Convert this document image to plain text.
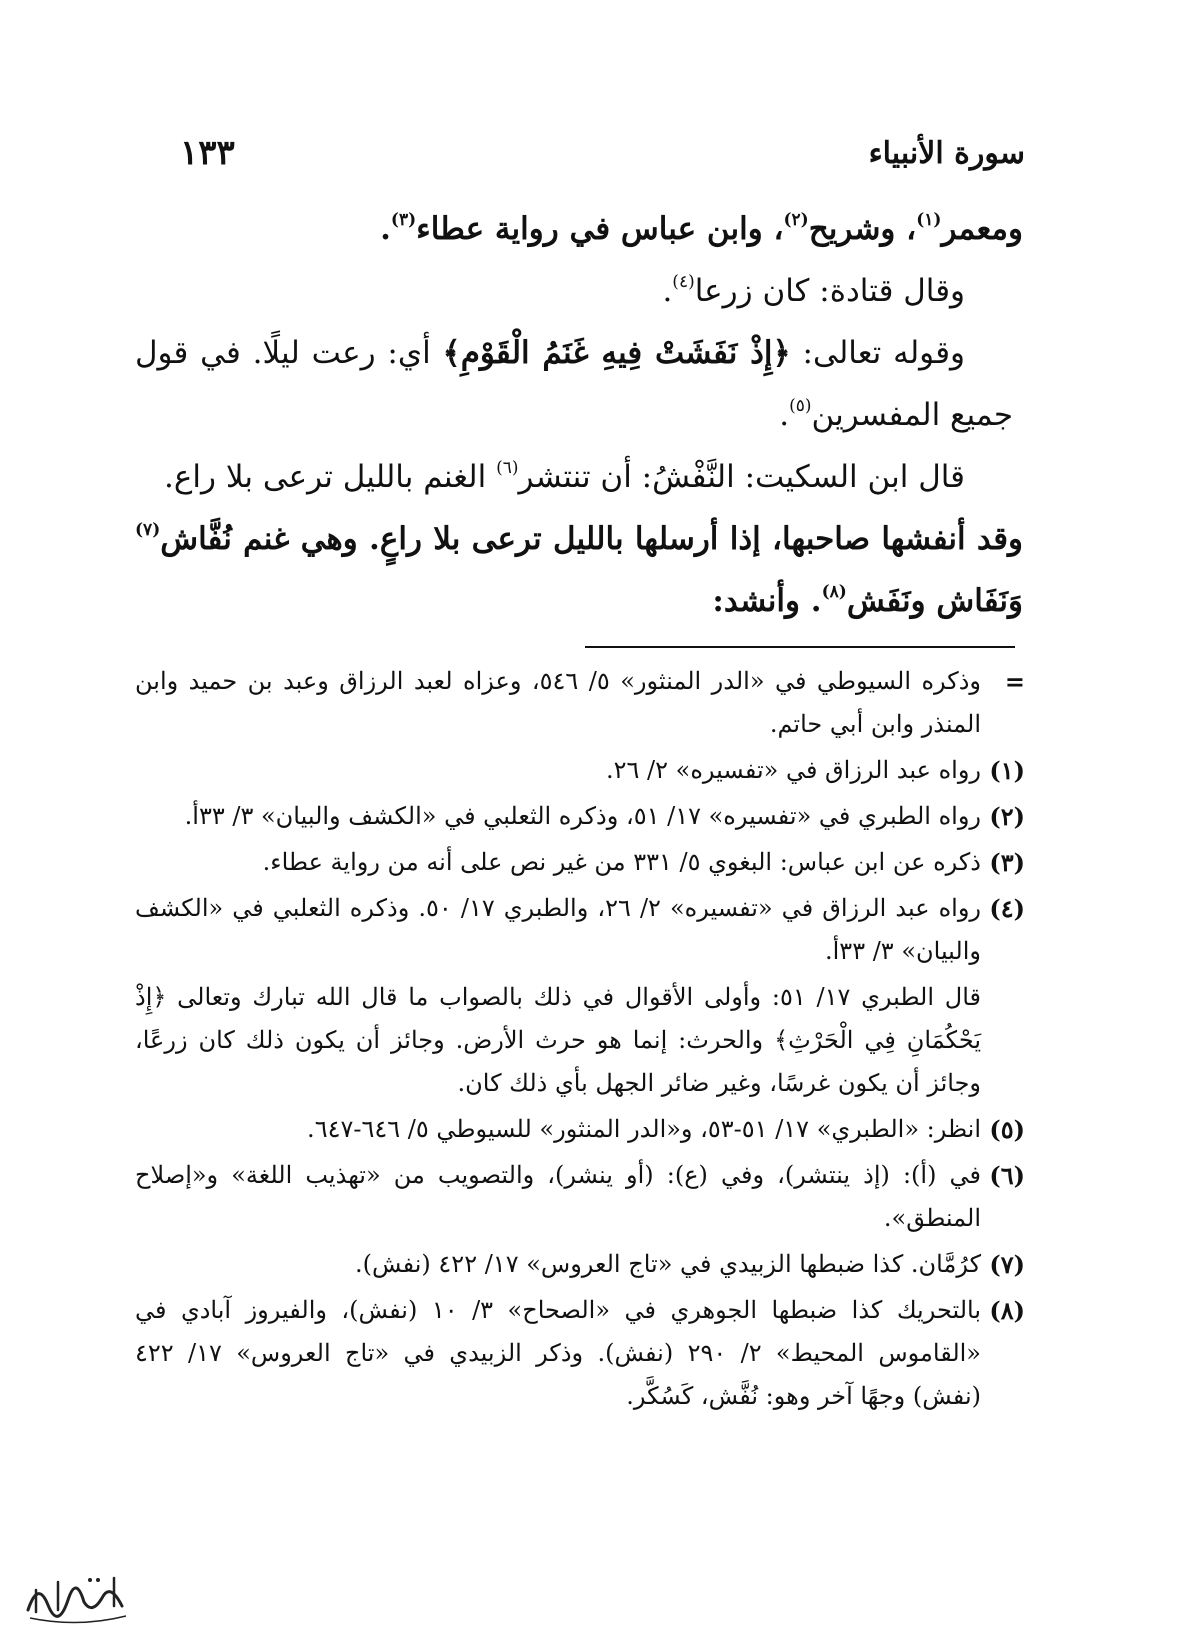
سورة الأنبياء
١٣٣

ومعمر$^{(١)}$، وشريح$^{(٢)}$، وابن عباس في رواية عطاء$^{(٣)}$.

وقال قتادة: كان زرعا$^{(٤)}$.

وقوله تعالى: ﴿إِذْ نَفَشَتْ فِيهِ غَنَمُ الْقَوْمِ﴾ أي: رعت ليلًا. في قول جميع المفسرين$^{(٥)}$.

قال ابن السكيت: النَّفْشُ: أن تنتشر$^{(٦)}$ الغنم بالليل ترعى بلا راع.

وقد أنفشها صاحبها، إذا أرسلها بالليل ترعى بلا راعٍ. وهي غنم نُفَّاش$^{(٧)}$ وَنَفَاش ونَفَش$^{(٨)}$. وأنشد:

=
وذكره السيوطي في «الدر المنثور» ٥/ ٥٤٦، وعزاه لعبد الرزاق وعبد بن حميد وابن المنذر وابن أبي حاتم.
(١)
رواه عبد الرزاق في «تفسيره» ٢/ ٢٦.
(٢)
رواه الطبري في «تفسيره» ١٧/ ٥١، وذكره الثعلبي في «الكشف والبيان» ٣/ ٣٣أ.
(٣)
ذكره عن ابن عباس: البغوي ٥/ ٣٣١ من غير نص على أنه من رواية عطاء.
(٤)
رواه عبد الرزاق في «تفسيره» ٢/ ٢٦، والطبري ١٧/ ٥٠. وذكره الثعلبي في «الكشف والبيان» ٣/ ٣٣أ.
قال الطبري ١٧/ ٥١: وأولى الأقوال في ذلك بالصواب ما قال الله تبارك وتعالى ﴿إِذْ يَحْكُمَانِ فِي الْحَرْثِ﴾ والحرث: إنما هو حرث الأرض. وجائز أن يكون ذلك كان زرعًا، وجائز أن يكون غرسًا، وغير ضائر الجهل بأي ذلك كان.
(٥)
انظر: «الطبري» ١٧/ ٥١-٥٣، و«الدر المنثور» للسيوطي ٥/ ٦٤٦-٦٤٧.
(٦)
في (أ): (إذ ينتشر)، وفي (ع): (أو ينشر)، والتصويب من «تهذيب اللغة» و«إصلاح المنطق».
(٧)
كرُمَّان. كذا ضبطها الزبيدي في «تاج العروس» ١٧/ ٤٢٢ (نفش).
(٨)
بالتحريك كذا ضبطها الجوهري في «الصحاح» ٣/ ١٠ (نفش)، والفيروز آبادي في «القاموس المحيط» ٢/ ٢٩٠ (نفش). وذكر الزبيدي في «تاج العروس» ١٧/ ٤٢٢ (نفش) وجهًا آخر وهو: نُفَّش، كَسُكَّر.
